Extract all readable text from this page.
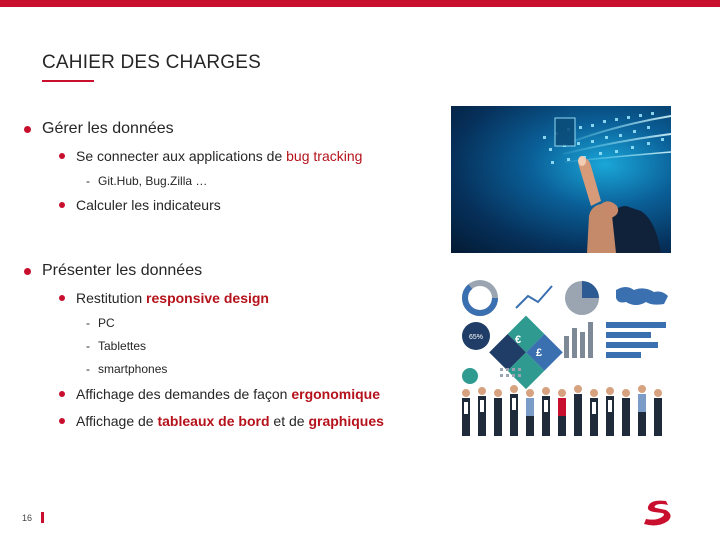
CAHIER DES CHARGES
Gérer les données
Se connecter aux applications de bug tracking
- Git.Hub, Bug.Zilla …
Calculer les indicateurs
Présenter les données
Restitution responsive design
- PC
- Tablettes
- smartphones
Affichage des demandes de façon ergonomique
Affichage de tableaux de bord et de graphiques
65%
$
€
£
16
